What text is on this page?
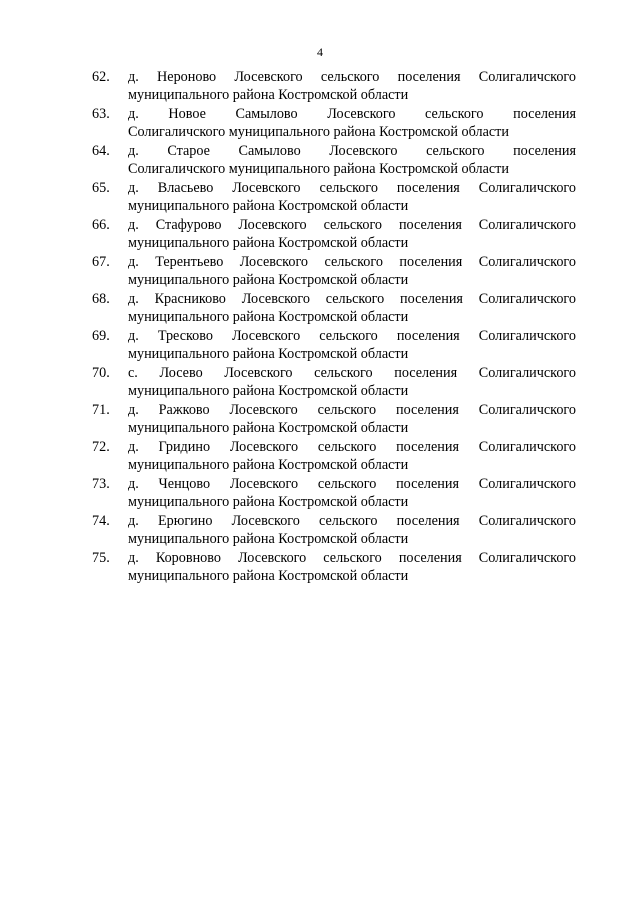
4
62.	д. Нероново Лосевского сельского поселения Солигаличского
муниципального района Костромской области
63.	д. Новое Самылово Лосевского сельского поселения
Солигаличского муниципального района Костромской области
64.	д. Старое Самылово Лосевского сельского поселения
Солигаличского муниципального района Костромской области
65.	д. Власьево Лосевского сельского поселения Солигаличского
муниципального района Костромской области
66.	д. Стафурово Лосевского сельского поселения Солигаличского
муниципального района Костромской области
67.	д. Терентьево Лосевского сельского поселения Солигаличского
муниципального района Костромской области
68.	д. Красниково Лосевского сельского поселения Солигаличского
муниципального района Костромской области
69.	д. Тресково Лосевского сельского поселения Солигаличского
муниципального района Костромской области
70.	с. Лосево Лосевского сельского поселения Солигаличского
муниципального района Костромской области
71.	д. Ражково Лосевского сельского поселения Солигаличского
муниципального района Костромской области
72.	д. Гридино Лосевского сельского поселения Солигаличского
муниципального района Костромской области
73.	д. Ченцово Лосевского сельского поселения Солигаличского
муниципального района Костромской области
74.	д. Ерюгино Лосевского сельского поселения Солигаличского
муниципального района Костромской области
75.	д. Коровново Лосевского сельского поселения Солигаличского
муниципального района Костромской области
